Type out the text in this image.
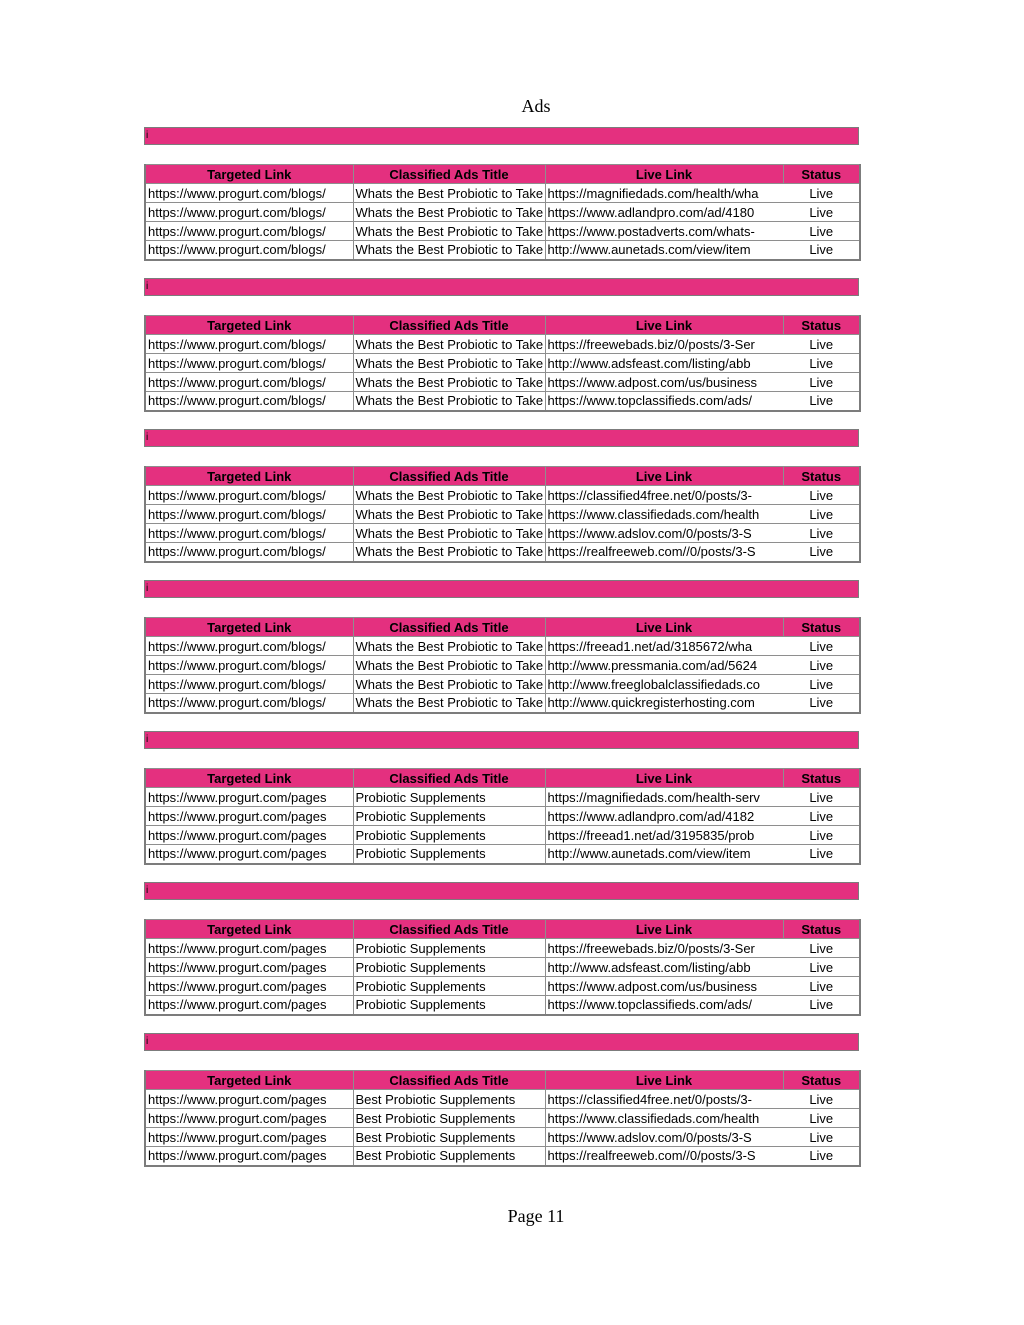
Ads
i
Targeted Link	Classified Ads Title	Live Link	Status
https://www.progurt.com/blogs/	Whats the Best Probiotic to Take	https://magnifiedads.com/health/wha	Live
https://www.progurt.com/blogs/	Whats the Best Probiotic to Take	https://www.adlandpro.com/ad/4180	Live
https://www.progurt.com/blogs/	Whats the Best Probiotic to Take	https://www.postadverts.com/whats-	Live
https://www.progurt.com/blogs/	Whats the Best Probiotic to Take	http://www.aunetads.com/view/item	Live
i
Targeted Link	Classified Ads Title	Live Link	Status
https://www.progurt.com/blogs/	Whats the Best Probiotic to Take	https://freewebads.biz/0/posts/3-Ser	Live
https://www.progurt.com/blogs/	Whats the Best Probiotic to Take	http://www.adsfeast.com/listing/abb	Live
https://www.progurt.com/blogs/	Whats the Best Probiotic to Take	https://www.adpost.com/us/business	Live
https://www.progurt.com/blogs/	Whats the Best Probiotic to Take	https://www.topclassifieds.com/ads/	Live
i
Targeted Link	Classified Ads Title	Live Link	Status
https://www.progurt.com/blogs/	Whats the Best Probiotic to Take	https://classified4free.net/0/posts/3-	Live
https://www.progurt.com/blogs/	Whats the Best Probiotic to Take	https://www.classifiedads.com/health	Live
https://www.progurt.com/blogs/	Whats the Best Probiotic to Take	https://www.adslov.com/0/posts/3-S	Live
https://www.progurt.com/blogs/	Whats the Best Probiotic to Take	https://realfreeweb.com//0/posts/3-S	Live
i
Targeted Link	Classified Ads Title	Live Link	Status
https://www.progurt.com/blogs/	Whats the Best Probiotic to Take	https://freead1.net/ad/3185672/wha	Live
https://www.progurt.com/blogs/	Whats the Best Probiotic to Take	http://www.pressmania.com/ad/5624	Live
https://www.progurt.com/blogs/	Whats the Best Probiotic to Take	http://www.freeglobalclassifiedads.co	Live
https://www.progurt.com/blogs/	Whats the Best Probiotic to Take	http://www.quickregisterhosting.com	Live
i
Targeted Link	Classified Ads Title	Live Link	Status
https://www.progurt.com/pages	Probiotic Supplements	https://magnifiedads.com/health-serv	Live
https://www.progurt.com/pages	Probiotic Supplements	https://www.adlandpro.com/ad/4182	Live
https://www.progurt.com/pages	Probiotic Supplements	https://freead1.net/ad/3195835/prob	Live
https://www.progurt.com/pages	Probiotic Supplements	http://www.aunetads.com/view/item	Live
i
Targeted Link	Classified Ads Title	Live Link	Status
https://www.progurt.com/pages	Probiotic Supplements	https://freewebads.biz/0/posts/3-Ser	Live
https://www.progurt.com/pages	Probiotic Supplements	http://www.adsfeast.com/listing/abb	Live
https://www.progurt.com/pages	Probiotic Supplements	https://www.adpost.com/us/business	Live
https://www.progurt.com/pages	Probiotic Supplements	https://www.topclassifieds.com/ads/	Live
i
Targeted Link	Classified Ads Title	Live Link	Status
https://www.progurt.com/pages	Best Probiotic Supplements	https://classified4free.net/0/posts/3-	Live
https://www.progurt.com/pages	Best Probiotic Supplements	https://www.classifiedads.com/health	Live
https://www.progurt.com/pages	Best Probiotic Supplements	https://www.adslov.com/0/posts/3-S	Live
https://www.progurt.com/pages	Best Probiotic Supplements	https://realfreeweb.com//0/posts/3-S	Live
Page 11
